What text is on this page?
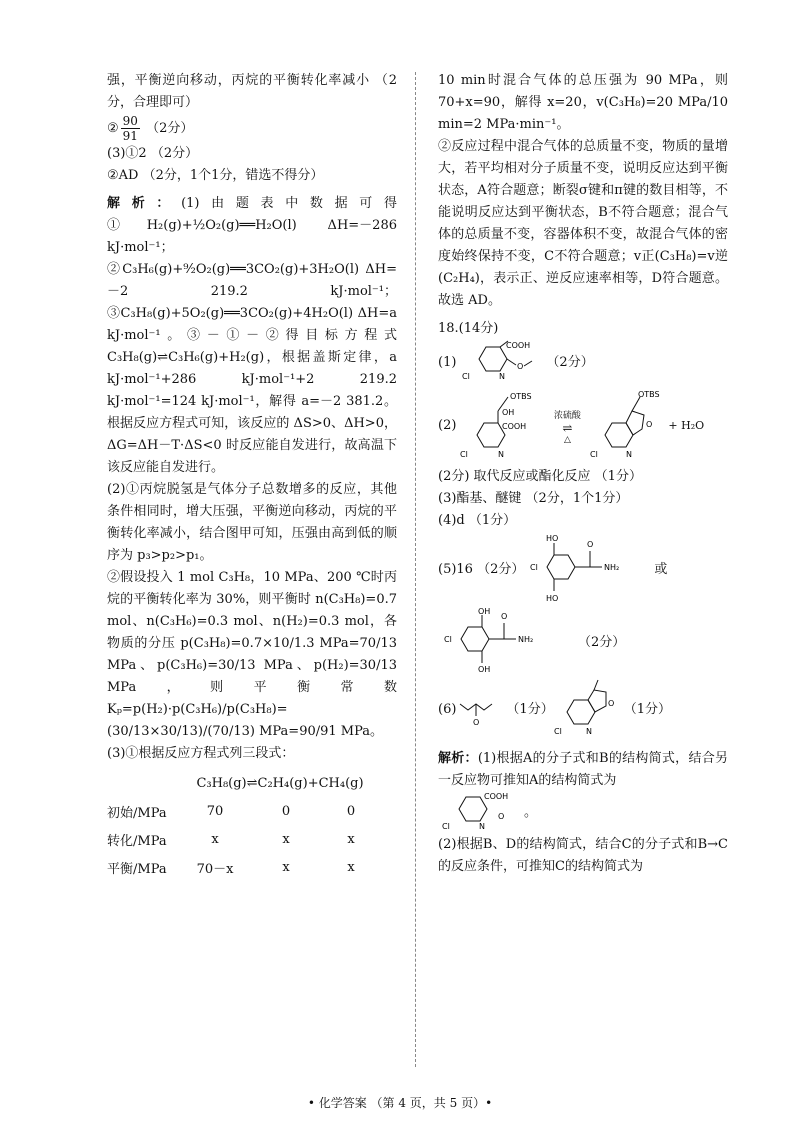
强，平衡逆向移动，丙烷的平衡转化率减小 （2分，合理即可）

② $\frac{90}{91} (2$分）

(3)①2 （2分）

②AD （2分，1个1分，错选不得分）

解析：(1)由题表中数据可得①H₂(g)+½O₂(g)══H₂O(l) ΔH=－286 kJ·mol⁻¹；②C₃H₆(g)+⁹⁄₂O₂(g)══3CO₂(g)+3H₂O(l) ΔH=－2 219.2 kJ·mol⁻¹；③C₃H₈(g)+5O₂(g)══3CO₂(g)+4H₂O(l) ΔH=a kJ·mol⁻¹。③－①－②得目标方程式 C₃H₈(g)⇌C₃H₆(g)+H₂(g)，根据盖斯定律，a kJ·mol⁻¹+286 kJ·mol⁻¹+2 219.2 kJ·mol⁻¹=124 kJ·mol⁻¹，解得 a=－2 381.2。根据反应方程式可知，该反应的 ΔS>0、ΔH>0，ΔG=ΔH－T·ΔS<0 时反应能自发进行，故高温下该反应能自发进行。

(2)①丙烷脱氢是气体分子总数增多的反应，其他条件相同时，增大压强，平衡逆向移动，丙烷的平衡转化率减小，结合图甲可知，压强由高到低的顺序为 p₃>p₂>p₁。

②假设投入 1 mol C₃H₈，10 MPa、200 ℃时丙烷的平衡转化率为 30%，则平衡时 n(C₃H₈)=0.7 mol、n(C₃H₆)=0.3 mol、n(H₂)=0.3 mol，各物质的分压 p(C₃H₈)=0.7×10/1.3 MPa=70/13 MPa、p(C₃H₆)=30/13 MPa、p(H₂)=30/13 MPa，则平衡常数 Kₚ=p(H₂)·p(C₃H₆)/p(C₃H₈)=(30/13×30/13)/(70/13) MPa=90/91 MPa。

(3)①根据反应方程式列三段式：

	C₃H₈(g)⇌C₂H₄(g)+CH₄(g)		
初始/MPa	70	0	0
转化/MPa	x	x	x
平衡/MPa	70－x	x	x

10 min时混合气体的总压强为 90 MPa，则 70+x=90，解得 x=20，v(C₃H₈)=20 MPa/10 min=2 MPa·min⁻¹。

②反应过程中混合气体的总质量不变，物质的量增大，若平均相对分子质量不变，说明反应达到平衡状态，A符合题意；断裂σ键和π键的数目相等，不能说明反应达到平衡状态，B不符合题意；混合气体的总质量不变，容器体积不变，故混合气体的密度始终保持不变，C不符合题意；v正(C₃H₈)=v逆(C₂H₄)，表示正、逆反应速率相等，D符合题意。故选 AD。

18.(14分)

(1)
COOH
O
N
Cl
（2分）
(2)
OTBS
OH
COOH
N
Cl
浓硫酸
⇌
△
OTBS
O
N
Cl
+ H₂O

(2分) 取代反应或酯化反应 （1分）

(3)酯基、醚键 （2分，1个1分）

(4)d （1分）

(5)16 （2分）
HO
Cl
HO
O
NH₂	或
Cl
OH
OH
O
NH₂	（2分）
(6)
O
（1分）	O
N
Cl
（1分）

解析：(1)根据A的分子式和B的结构简式，结合另一反应物可推知A的结构简式为

COOH
O
N
Cl
。

(2)根据B、D的结构简式，结合C的分子式和B→C的反应条件，可推知C的结构简式为

• 化学答案 （第 4 页，共 5 页）•
